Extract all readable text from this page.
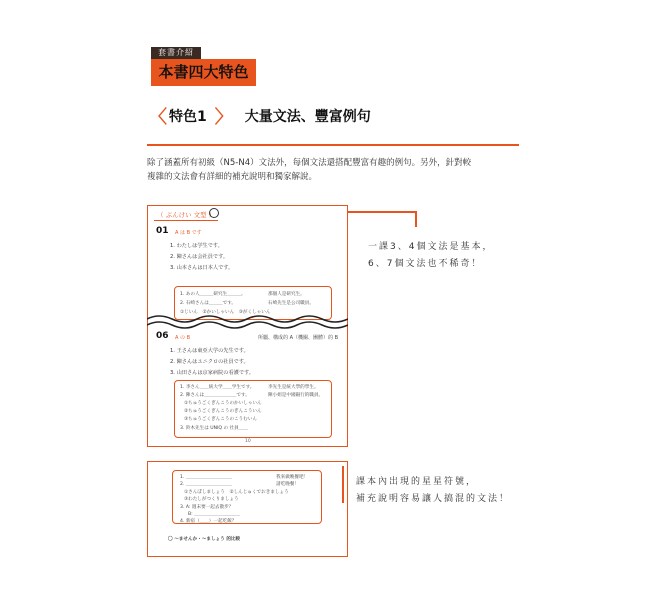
套書介紹
本書四大特色
〈 特色1 〉 大量文法、豐富例句
除了涵蓋所有初級（N5-N4）文法外，每個文法還搭配豐富有趣的例句。另外，針對較
複雜的文法會有詳細的補充說明和獨家解說。
（ ぶんけい 文型 ）
01 A は B です
1. わたしは学生です。
2. 陳さんは会社員です。
3. 山本さんは日本人です。
1. あの人＿＿＿研究生＿＿＿。
2. 石崎さんは＿＿＿です。
①じいん　②かいしゃいん　③がくしゃいん
那個人是研究生。
石崎先生是公司職員。
06 A の B	所屬、構成的 A（機關、團體）的 B
1. 王さんは東亞大学の先生です。
2. 陳さんはユニクロの社員です。
3. 山田さんは京家病院の看護です。
1. 李さん＿＿統大学＿＿学生です。
2. 陳さんは＿＿＿＿＿＿＿です。
①ちゅうごくぎんこうのかいしゃいん
②ちゅうごくぎんこうのぎんこういん
③ちゅうごくぎんこうのこうむいん
3. 鈴木先生は UNIQ の 社員＿＿
李先生是統大學的學生。
陳小姐是中國銀行的職員。
10
1. ＿＿＿＿＿＿＿＿＿＿
2. ＿＿＿＿＿＿＿＿＿＿
①さんぽしましょう　②しんじゅくでおきましょう
③わたしがつくりましょう
3. A: 週末要一起去散步？
B: ＿＿＿＿＿＿＿＿＿＿
4. 新宿（＿＿）一起吃飯？
我來做晚餐吧！
請吃晚餐！
〇 ～ませんか・～ましょう 的比較
一課3、4個文法是基本，
6、7個文法也不稀奇！
課本內出現的星星符號，
補充說明容易讓人搞混的文法！
